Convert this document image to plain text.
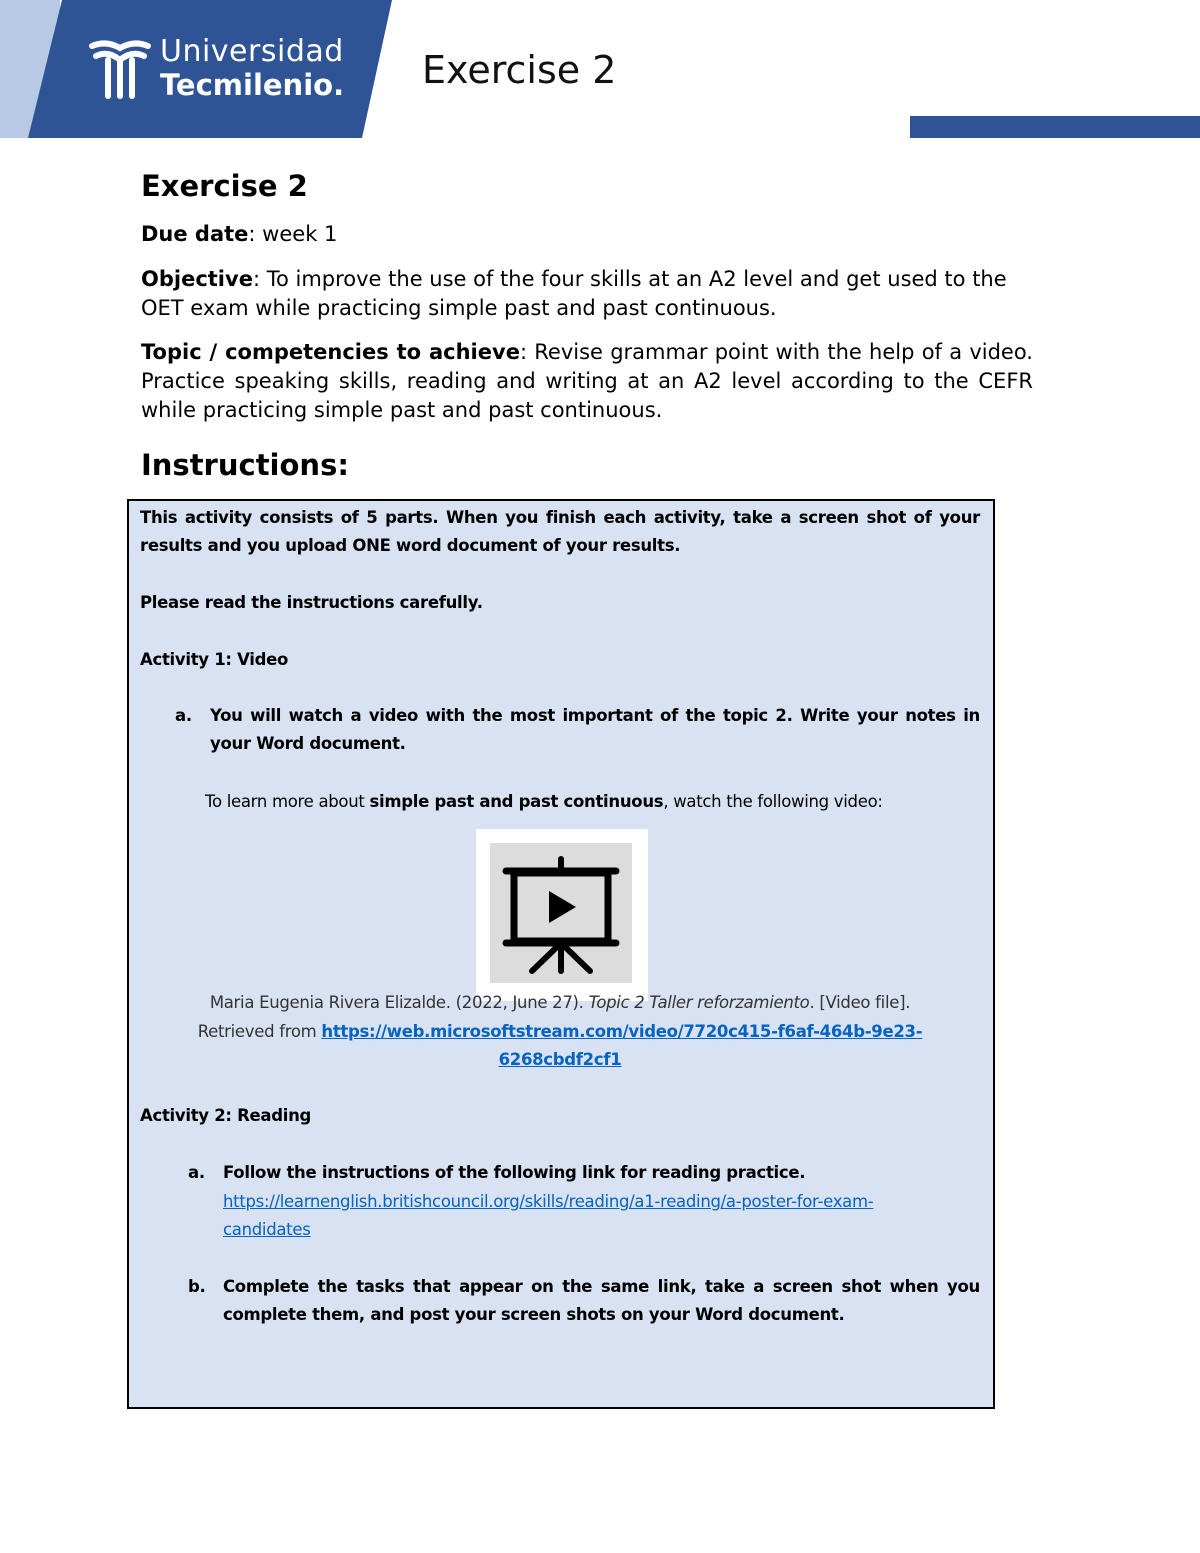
Universidad
Tecmilenio. Exercise 2
Exercise 2

Due date: week 1

Objective: To improve the use of the four skills at an A2 level and get used to the OET exam while practicing simple past and past continuous.

Topic / competencies to achieve: Revise grammar point with the help of a video. Practice speaking skills, reading and writing at an A2 level according to the CEFR while practicing simple past and past continuous.

Instructions:
This activity consists of 5 parts. When you finish each activity, take a screen shot of your results and you upload ONE word document of your results.
Please read the instructions carefully.
Activity 1: Video
a. You will watch a video with the most important of the topic 2. Write your notes in your Word document.
To learn more about simple past and past continuous, watch the following video:
Maria Eugenia Rivera Elizalde. (2022, June 27). Topic 2 Taller reforzamiento. [Video file].
Retrieved from https://web.microsoftstream.com/video/7720c415-f6af-464b-9e23-
6268cbdf2cf1
Activity 2: Reading
a. Follow the instructions of the following link for reading practice.
https://learnenglish.britishcouncil.org/skills/reading/a1-reading/a-poster-for-exam-
candidates
b. Complete the tasks that appear on the same link, take a screen shot when you complete them, and post your screen shots on your Word document.
